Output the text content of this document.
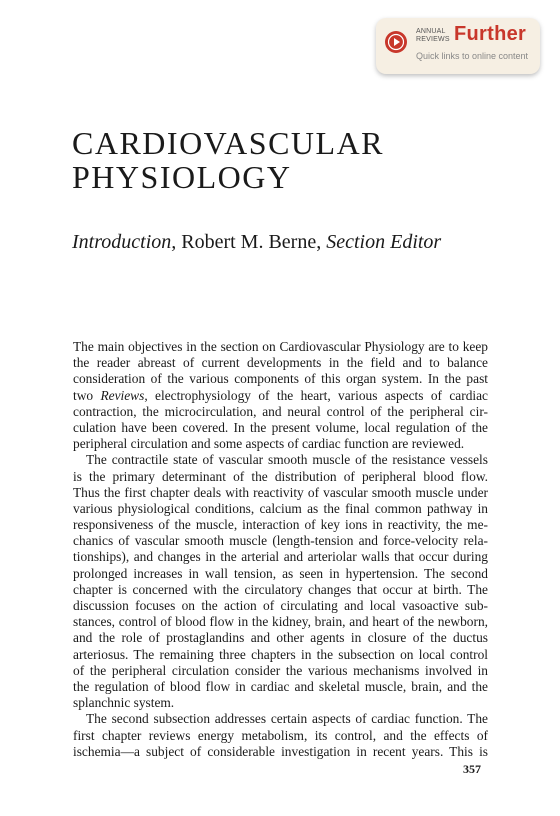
ANNUAL
REVIEWS Further
Quick links to online content
CARDIOVASCULAR
PHYSIOLOGY

Introduction, Robert M. Berne, Section Editor

The main objectives in the section on Cardiovascular Physiology are to keep
the reader abreast of current developments in the field and to balance
consideration of the various components of this organ system. In the past
two Reviews, electrophysiology of the heart, various aspects of cardiac
contraction, the microcirculation, and neural control of the peripheral cir-
culation have been covered. In the present volume, local regulation of the
peripheral circulation and some aspects of cardiac function are reviewed.
The contractile state of vascular smooth muscle of the resistance vessels
is the primary determinant of the distribution of peripheral blood flow.
Thus the first chapter deals with reactivity of vascular smooth muscle under
various physiological conditions, calcium as the final common pathway in
responsiveness of the muscle, interaction of key ions in reactivity, the me-
chanics of vascular smooth muscle (length-tension and force-velocity rela-
tionships), and changes in the arterial and arteriolar walls that occur during
prolonged increases in wall tension, as seen in hypertension. The second
chapter is concerned with the circulatory changes that occur at birth. The
discussion focuses on the action of circulating and local vasoactive sub-
stances, control of blood flow in the kidney, brain, and heart of the newborn,
and the role of prostaglandins and other agents in closure of the ductus
arteriosus. The remaining three chapters in the subsection on local control
of the peripheral circulation consider the various mechanisms involved in
the regulation of blood flow in cardiac and skeletal muscle, brain, and the
splanchnic system.
The second subsection addresses certain aspects of cardiac function. The
first chapter reviews energy metabolism, its control, and the effects of
ischemia—a subject of considerable investigation in recent years. This is
357
